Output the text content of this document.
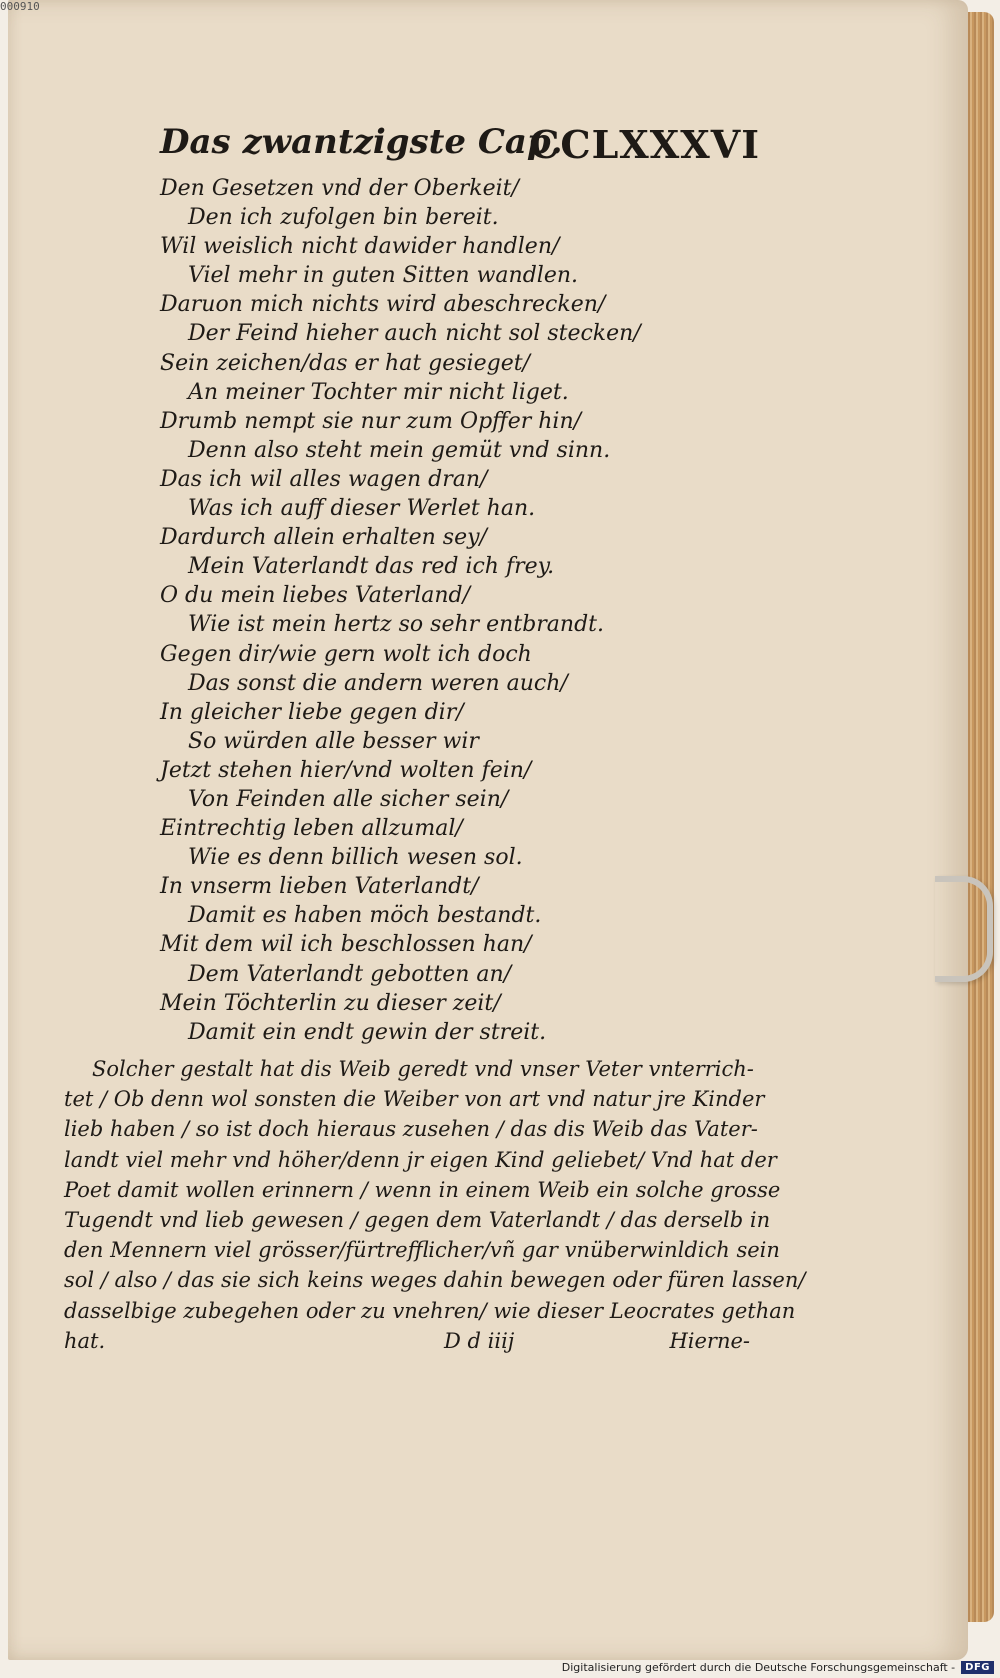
000910
Das zwantzigste Cap.
CCLXXXVI
Den Gesetzen vnd der Oberkeit/
Den ich zufolgen bin bereit.
Wil weislich nicht dawider handlen/
Viel mehr in guten Sitten wandlen.
Daruon mich nichts wird abeschrecken/
Der Feind hieher auch nicht sol stecken/
Sein zeichen/das er hat gesieget/
An meiner Tochter mir nicht liget.
Drumb nempt sie nur zum Opffer hin/
Denn also steht mein gemüt vnd sinn.
Das ich wil alles wagen dran/
Was ich auff dieser Werlet han.
Dardurch allein erhalten sey/
Mein Vaterlandt das red ich frey.
O du mein liebes Vaterland/
Wie ist mein hertz so sehr entbrandt.
Gegen dir/wie gern wolt ich doch
Das sonst die andern weren auch/
In gleicher liebe gegen dir/
So würden alle besser wir
Jetzt stehen hier/vnd wolten fein/
Von Feinden alle sicher sein/
Eintrechtig leben allzumal/
Wie es denn billich wesen sol.
In vnserm lieben Vaterlandt/
Damit es haben möch bestandt.
Mit dem wil ich beschlossen han/
Dem Vaterlandt gebotten an/
Mein Töchterlin zu dieser zeit/
Damit ein endt gewin der streit.
Solcher gestalt hat dis Weib geredt vnd vnser Veter vnterrich-
tet / Ob denn wol sonsten die Weiber von art vnd natur jre Kinder
lieb haben / so ist doch hieraus zusehen / das dis Weib das Vater-
landt viel mehr vnd höher/denn jr eigen Kind geliebet/ Vnd hat der
Poet damit wollen erinnern / wenn in einem Weib ein solche grosse
Tugendt vnd lieb gewesen / gegen dem Vaterlandt / das derselb in
den Mennern viel grösser/fürtrefflicher/vñ gar vnüberwinldich sein
sol / also / das sie sich keins weges dahin bewegen oder füren lassen/
dasselbige zubegehen oder zu vnehren/ wie dieser Leocrates gethan
hat.	D d iiij	Hierne-
Digitalisierung gefördert durch die Deutsche Forschungsgemeinschaft -	DFG
